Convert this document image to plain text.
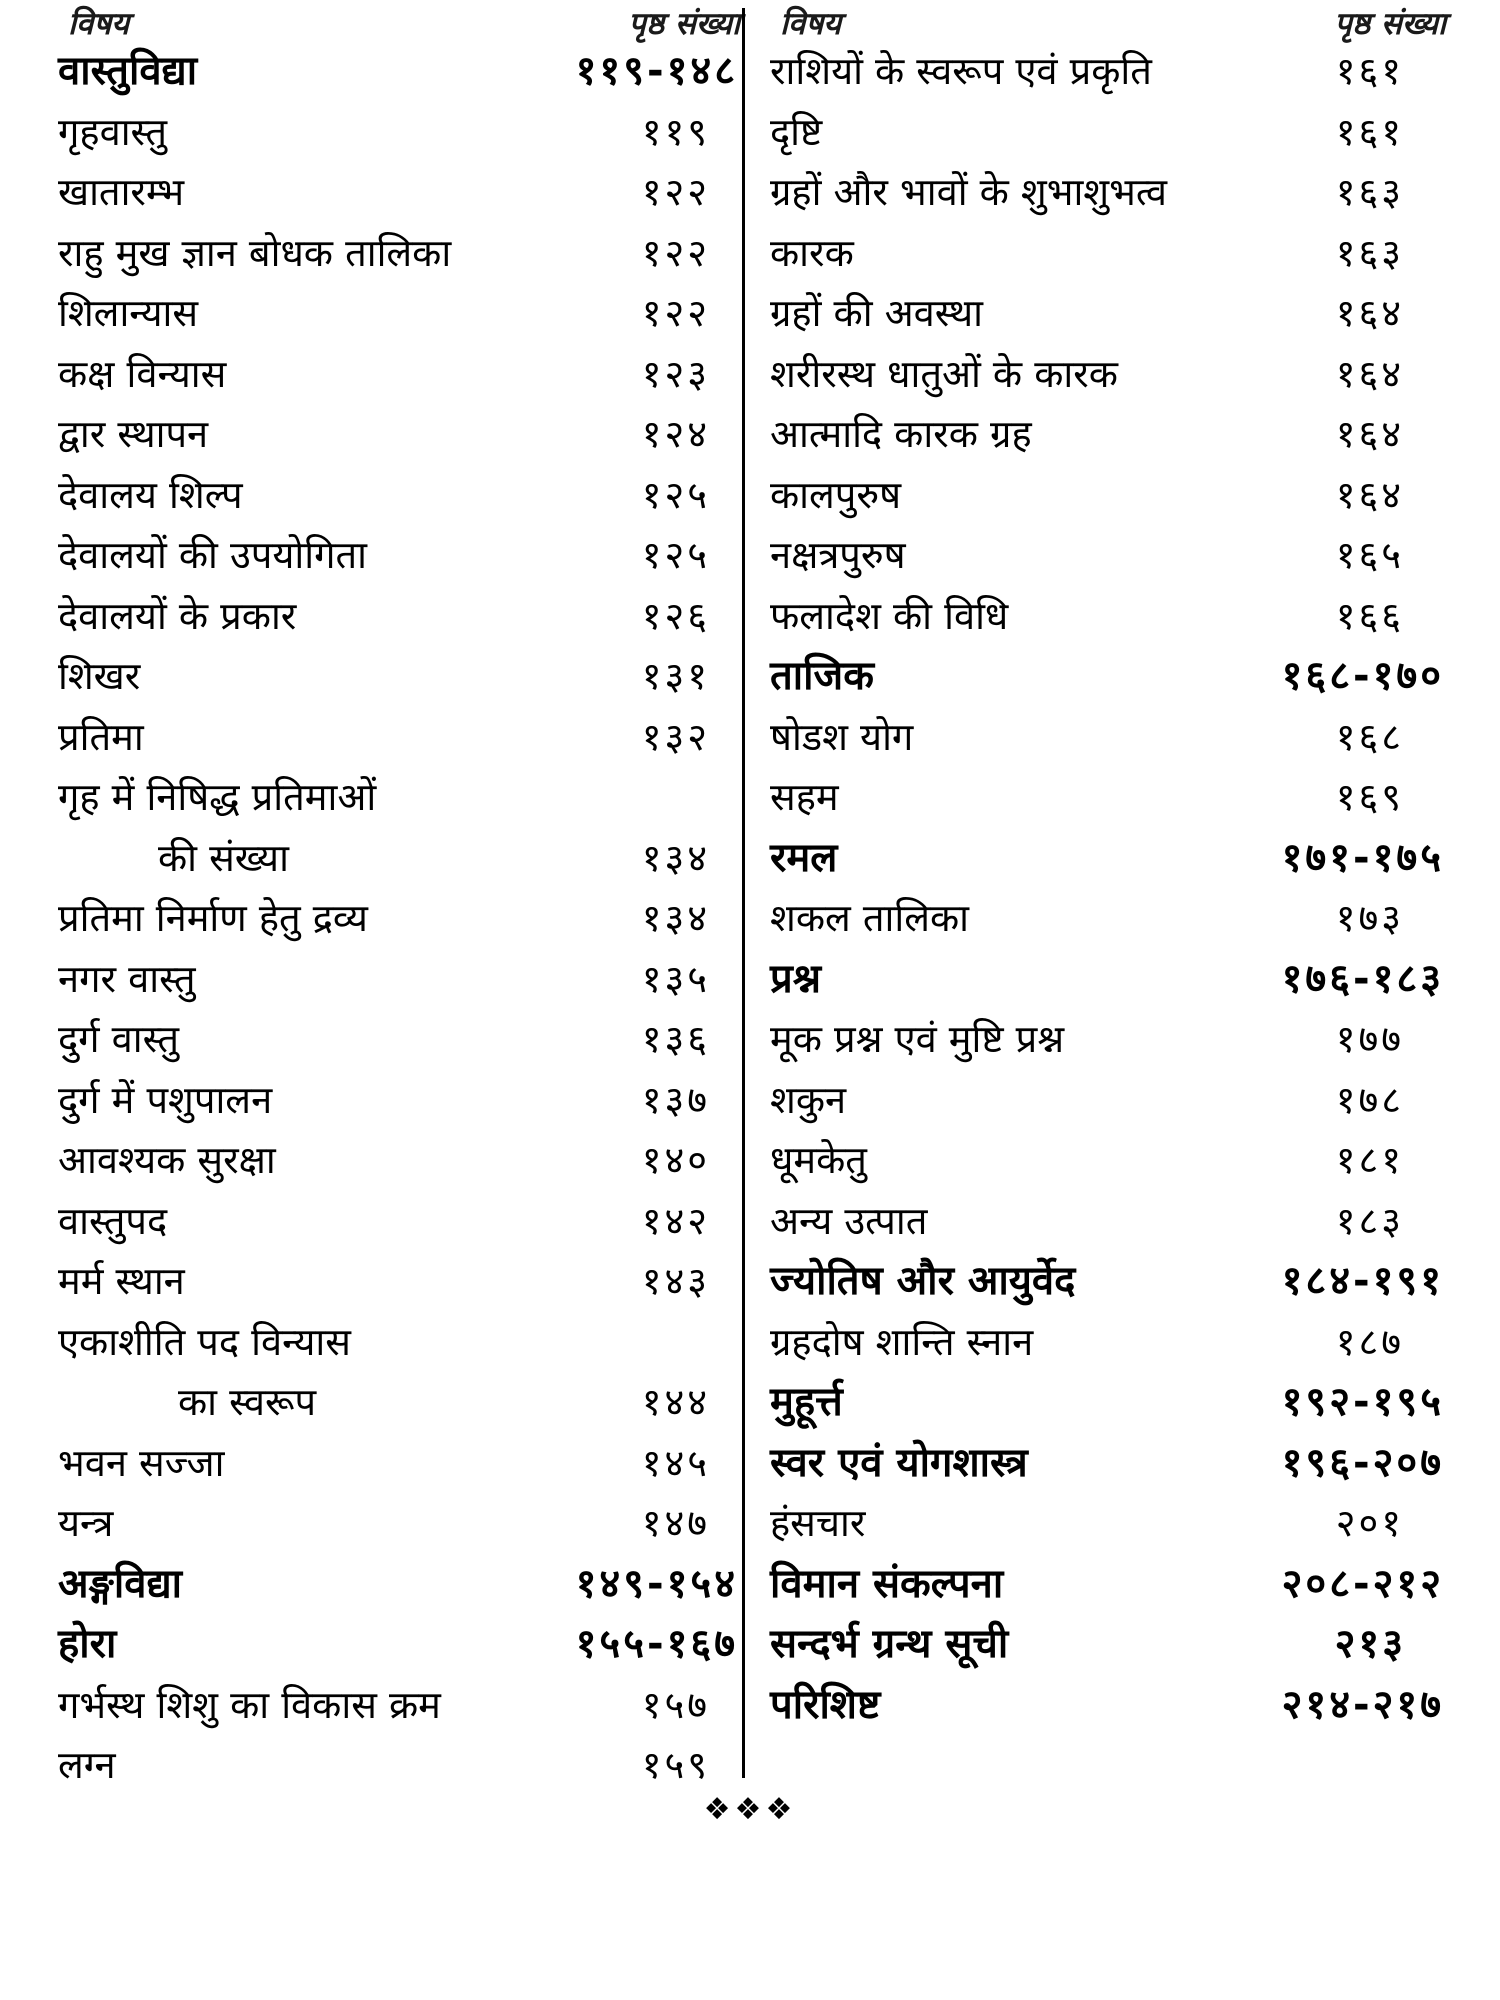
विषय	पृष्ठ संख्या
वास्तुविद्या	११९-१४८
गृहवास्तु	११९
खातारम्भ	१२२
राहु मुख ज्ञान बोधक तालिका	१२२
शिलान्यास	१२२
कक्ष विन्यास	१२३
द्वार स्थापन	१२४
देवालय शिल्प	१२५
देवालयों की उपयोगिता	१२५
देवालयों के प्रकार	१२६
शिखर	१३१
प्रतिमा	१३२
गृह में निषिद्ध प्रतिमाओं
की संख्या	१३४
प्रतिमा निर्माण हेतु द्रव्य	१३४
नगर वास्तु	१३५
दुर्ग वास्तु	१३६
दुर्ग में पशुपालन	१३७
आवश्यक सुरक्षा	१४०
वास्तुपद	१४२
मर्म स्थान	१४३
एकाशीति पद विन्यास
का स्वरूप	१४४
भवन सज्जा	१४५
यन्त्र	१४७
अङ्गविद्या	१४९-१५४
होरा	१५५-१६७
गर्भस्थ शिशु का विकास क्रम	१५७
लग्न	१५९
विषय	पृष्ठ संख्या
राशियों के स्वरूप एवं प्रकृति	१६१
दृष्टि	१६१
ग्रहों और भावों के शुभाशुभत्व	१६३
कारक	१६३
ग्रहों की अवस्था	१६४
शरीरस्थ धातुओं के कारक	१६४
आत्मादि कारक ग्रह	१६४
कालपुरुष	१६४
नक्षत्रपुरुष	१६५
फलादेश की विधि	१६६
ताजिक	१६८-१७०
षोडश योग	१६८
सहम	१६९
रमल	१७१-१७५
शकल तालिका	१७३
प्रश्न	१७६-१८३
मूक प्रश्न एवं मुष्टि प्रश्न	१७७
शकुन	१७८
धूमकेतु	१८१
अन्य उत्पात	१८३
ज्योतिष और आयुर्वेद	१८४-१९१
ग्रहदोष शान्ति स्नान	१८७
मुहूर्त्त	१९२-१९५
स्वर एवं योगशास्त्र	१९६-२०७
हंसचार	२०१
विमान संकल्पना	२०८-२१२
सन्दर्भ ग्रन्थ सूची	२१३
परिशिष्ट	२१४-२१७
❖❖❖
